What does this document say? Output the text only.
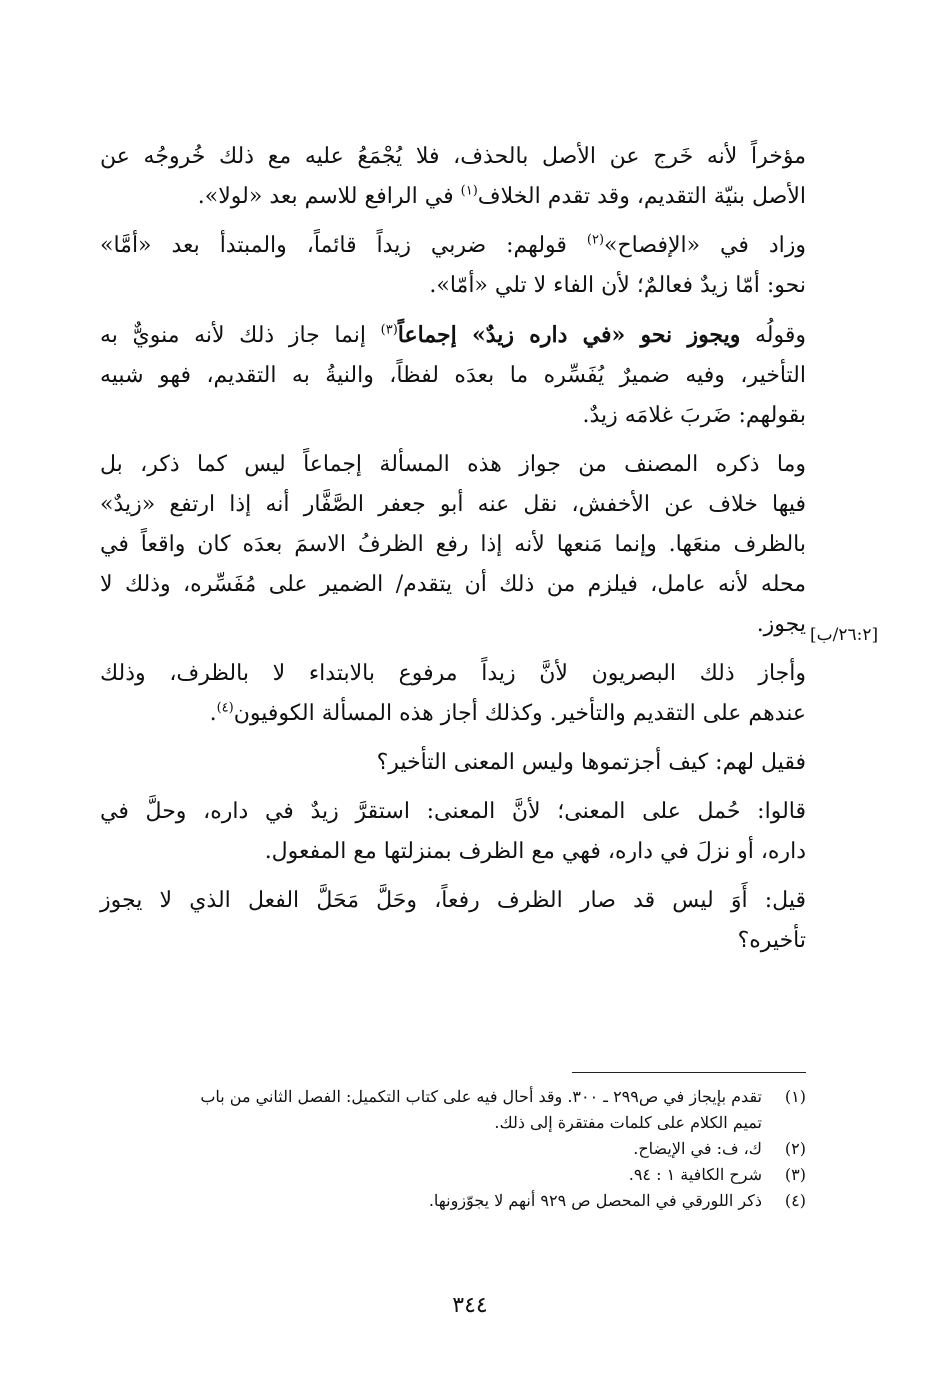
مؤخراً لأنه خَرج عن الأصل بالحذف، فلا يُجْمَعُ عليه مع ذلك خُروجُه عن
الأصل بنيّة التقديم، وقد تقدم الخلاف$^{(١)}$ في الرافع للاسم بعد «لولا».
وزاد في «الإفصاح»$^{(٢)}$ قولهم: ضربي زيداً قائماً، والمبتدأ بعد «أمَّا»
نحو: أمّا زيدٌ فعالمٌ؛ لأن الفاء لا تلي «أمّا».
وقولُه ويجوز نحو «في داره زيدٌ» إجماعاً$^{(٣)}$ إنما جاز ذلك لأنه منويٌّ به
التأخير، وفيه ضميرٌ يُفَسِّره ما بعدَه لفظاً، والنيةُ به التقديم، فهو شبيه
بقولهم: ضَربَ غلامَه زيدٌ.
وما ذكره المصنف من جواز هذه المسألة إجماعاً ليس كما ذكر، بل
فيها خلاف عن الأخفش، نقل عنه أبو جعفر الصَّفَّار أنه إذا ارتفع «زيدٌ»
بالظرف منعَها. وإنما مَنعها لأنه إذا رفع الظرفُ الاسمَ بعدَه كان واقعاً في
محله لأنه عامل، فيلزم من ذلك أن يتقدم/ الضمير على مُفَسِّره، وذلك لا
يجوز.
وأجاز ذلك البصريون لأنَّ زيداً مرفوع بالابتداء لا بالظرف، وذلك
عندهم على التقديم والتأخير. وكذلك أجاز هذه المسألة الكوفيون$^{(٤)}$.
فقيل لهم: كيف أجزتموها وليس المعنى التأخير؟
قالوا: حُمل على المعنى؛ لأنَّ المعنى: استقرَّ زيدٌ في داره، وحلَّ في
داره، أو نزلَ في داره، فهي مع الظرف بمنزلتها مع المفعول.
قيل: أَوَ ليس قد صار الظرف رفعاً، وحَلَّ مَحَلَّ الفعل الذي لا يجوز
تأخيره؟
[٢٦:٢/ب]

(١)
تقدم بإيجاز في ص٢٩٩ ـ ٣٠٠. وقد أحال فيه على كتاب التكميل: الفصل الثاني من باب
تميم الكلام على كلمات مفتقرة إلى ذلك.

(٢)
ك، ف: في الإيضاح.

(٣)
شرح الكافية ١ : ٩٤.

(٤)
ذكر اللورقي في المحصل ص ٩٢٩ أنهم لا يجوّزونها.

٣٤٤
